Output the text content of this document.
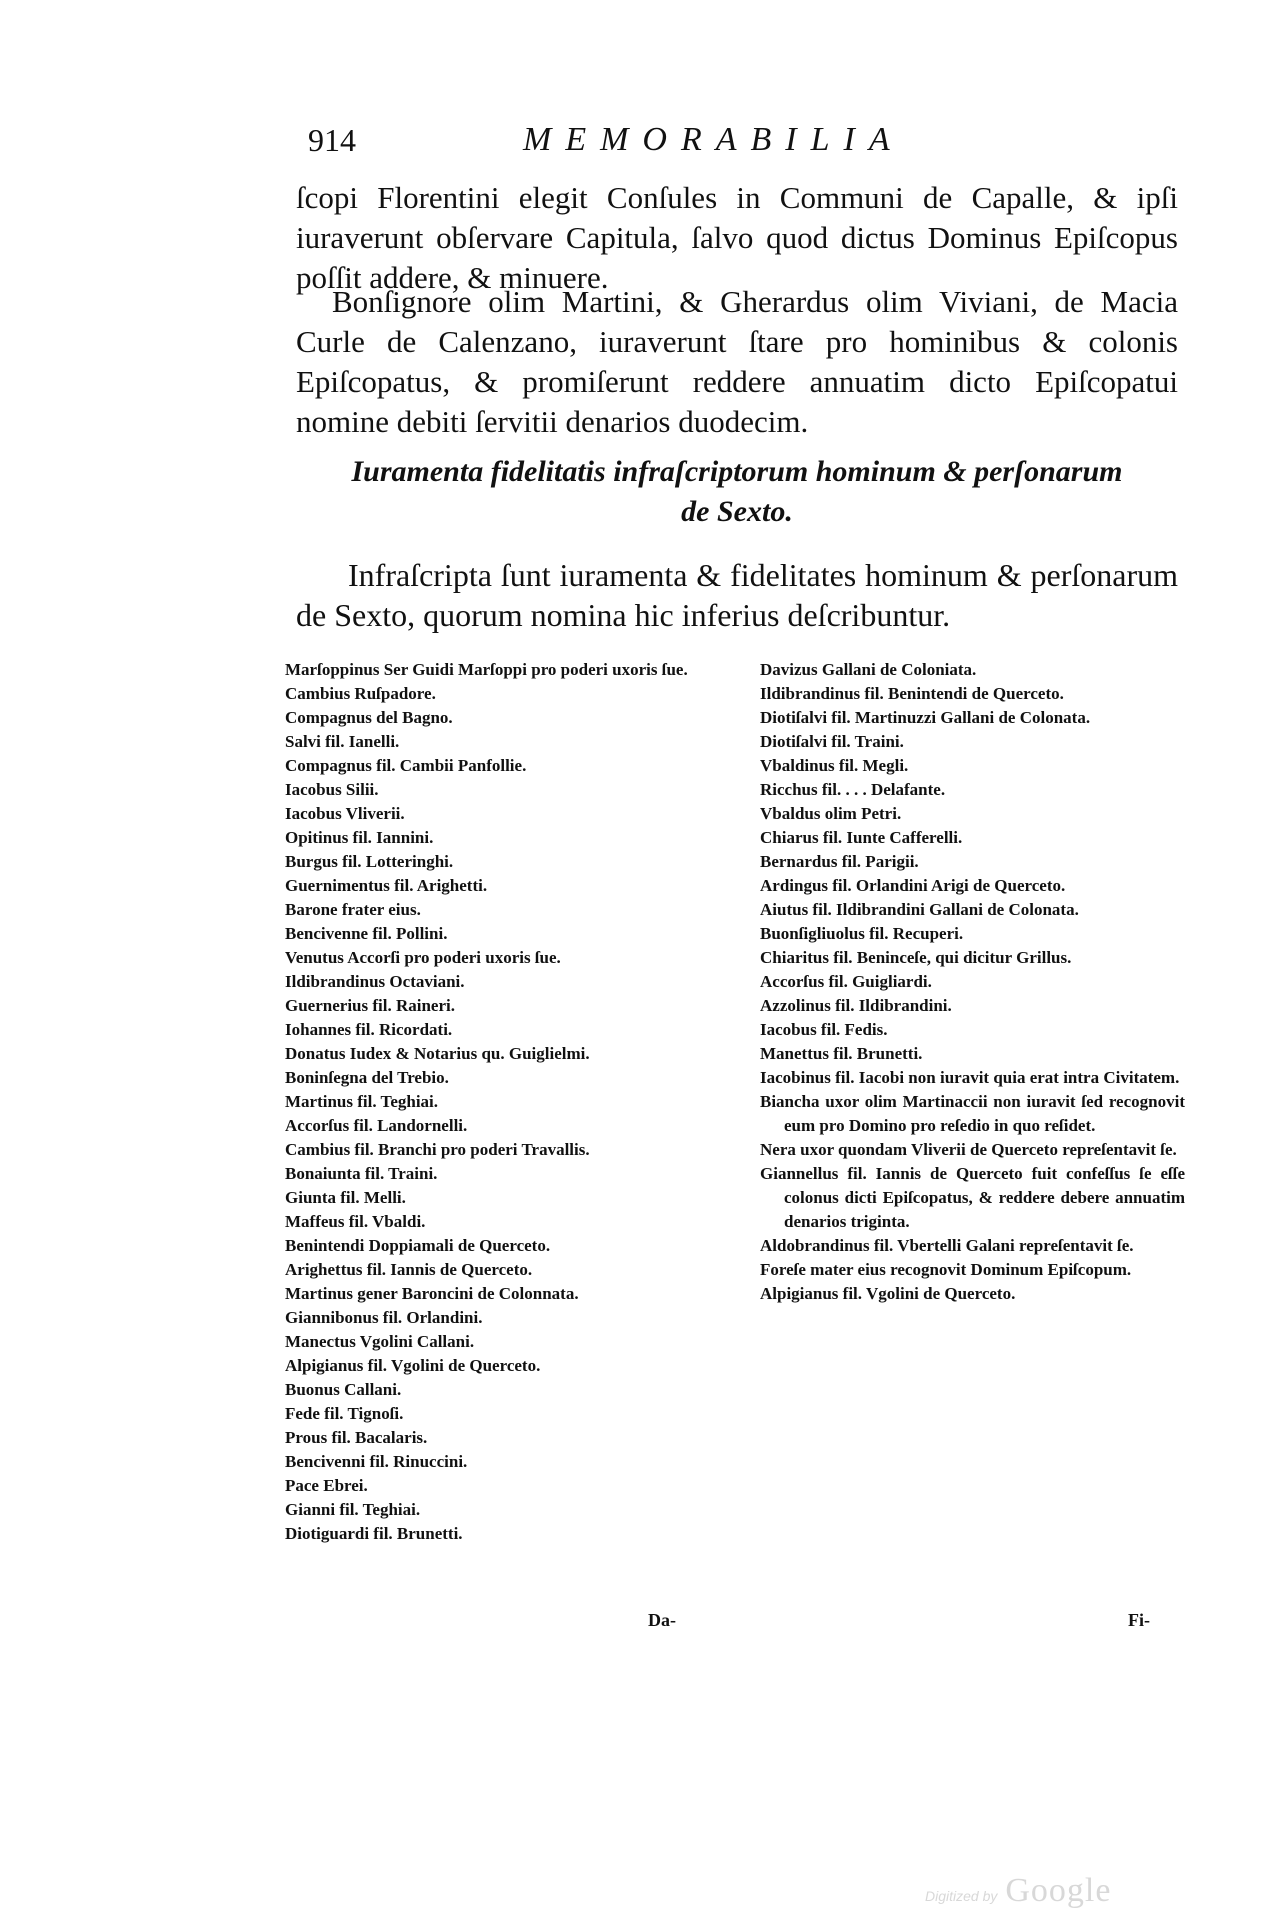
914	MEMORABILIA
ſcopi Florentini elegit Conſules in Communi de Capalle, & ipſi iuraverunt obſervare Capitula, ſalvo quod dictus Dominus Epiſcopus poſſit addere, & minuere.
Bonſignore olim Martini, & Gherardus olim Viviani, de Macia Curle de Calenzano, iuraverunt ſtare pro hominibus & colonis Epiſcopatus, & promiſerunt reddere annuatim dicto Epiſcopatui nomine debiti ſervitii denarios duodecim.
Iuramenta fidelitatis infraſcriptorum hominum & perſonarum
de Sexto.
Infraſcripta ſunt iuramenta & fidelitates hominum & perſonarum de Sexto, quorum nomina hic inferius deſcribuntur.
Marſoppinus Ser Guidi Marſoppi pro poderi uxoris ſue.
Cambius Ruſpadore.
Compagnus del Bagno.
Salvi fil. Ianelli.
Compagnus fil. Cambii Panfollie.
Iacobus Silii.
Iacobus Vliverii.
Opitinus fil. Iannini.
Burgus fil. Lotteringhi.
Guernimentus fil. Arighetti.
Barone frater eius.
Bencivenne fil. Pollini.
Venutus Accorſi pro poderi uxoris ſue.
Ildibrandinus Octaviani.
Guernerius fil. Raineri.
Iohannes fil. Ricordati.
Donatus Iudex & Notarius qu. Guiglielmi.
Boninſegna del Trebio.
Martinus fil. Teghiai.
Accorſus fil. Landornelli.
Cambius fil. Branchi pro poderi Travallis.
Bonaiunta fil. Traini.
Giunta fil. Melli.
Maffeus fil. Vbaldi.
Benintendi Doppiamali de Querceto.
Arighettus fil. Iannis de Querceto.
Martinus gener Baroncini de Colonnata.
Giannibonus fil. Orlandini.
Manectus Vgolini Callani.
Alpigianus fil. Vgolini de Querceto.
Buonus Callani.
Fede fil. Tignoſi.
Prous fil. Bacalaris.
Bencivenni fil. Rinuccini.
Pace Ebrei.
Gianni fil. Teghiai.
Diotiguardi fil. Brunetti.
Davizus Gallani de Coloniata.
Ildibrandinus fil. Benintendi de Querceto.
Diotiſalvi fil. Martinuzzi Gallani de Colonata.
Diotiſalvi fil. Traini.
Vbaldinus fil. Megli.
Ricchus fil. . . . Delafante.
Vbaldus olim Petri.
Chiarus fil. Iunte Cafferelli.
Bernardus fil. Parigii.
Ardingus fil. Orlandini Arigi de Querceto.
Aiutus fil. Ildibrandini Gallani de Colonata.
Buonſigliuolus fil. Recuperi.
Chiaritus fil. Beninceſe, qui dicitur Grillus.
Accorſus fil. Guigliardi.
Azzolinus fil. Ildibrandini.
Iacobus fil. Fedis.
Manettus fil. Brunetti.
Iacobinus fil. Iacobi non iuravit quia erat intra Civitatem.
Biancha uxor olim Martinaccii non iuravit ſed recognovit eum pro Domino pro reſedio in quo reſidet.
Nera uxor quondam Vliverii de Querceto repreſentavit ſe.
Giannellus fil. Iannis de Querceto fuit confeſſus ſe eſſe colonus dicti Epiſcopatus, & reddere debere annuatim denarios triginta.
Aldobrandinus fil. Vbertelli Galani repreſentavit ſe.
Foreſe mater eius recognovit Dominum Epiſcopum.
Alpigianus fil. Vgolini de Querceto.
Da-	Fi-
Digitized by Google
